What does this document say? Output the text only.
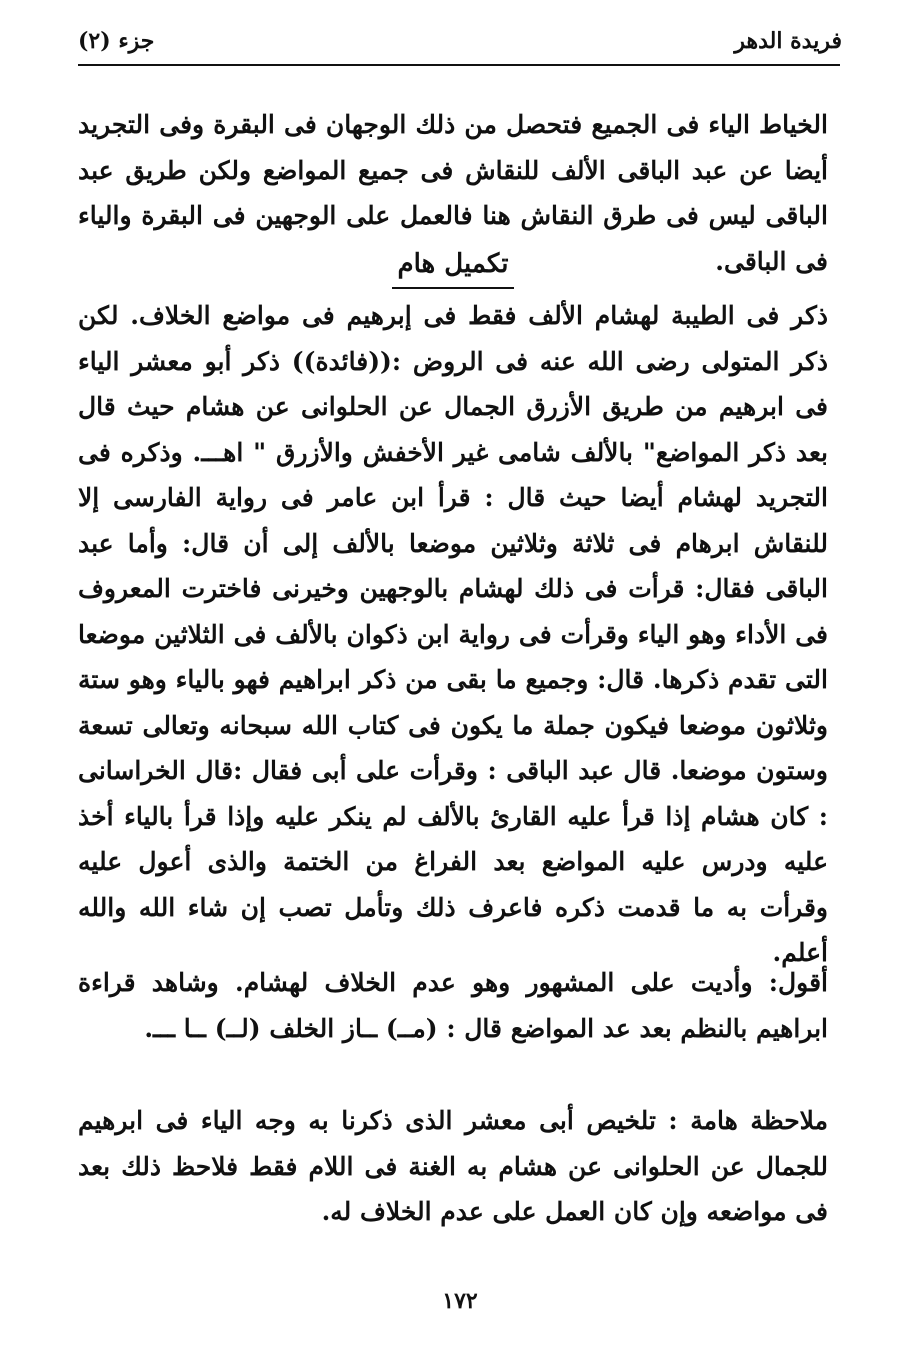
فريدة الدهر
جزء (٢)

الخياط الياء فى الجميع فتحصل من ذلك الوجهان فى البقرة وفى التجريد أيضا عن عبد الباقى الألف للنقاش فى جميع المواضع ولكن طريق عبد الباقى ليس فى طرق النقاش هنا فالعمل على الوجهين فى البقرة والياء فى الباقى.

تكميل هام

ذكر فى الطيبة لهشام الألف فقط فى إبرهيم فى مواضع الخلاف. لكن ذكر المتولى رضى الله عنه فى الروض :((فائدة)) ذكر أبو معشر الياء فى ابرهيم من طريق الأزرق الجمال عن الحلوانى عن هشام حيث قال بعد ذكر المواضع" بالألف شامى غير الأخفش والأزرق " اهـــ. وذكره فى التجريد لهشام أيضا حيث قال : قرأ ابن عامر فى رواية الفارسى إلا للنقاش ابرهام فى ثلاثة وثلاثين موضعا بالألف إلى أن قال: وأما عبد الباقى فقال: قرأت فى ذلك لهشام بالوجهين وخيرنى فاخترت المعروف فى الأداء وهو الياء وقرأت فى رواية ابن ذكوان بالألف فى الثلاثين موضعا التى تقدم ذكرها. قال: وجميع ما بقى من ذكر ابراهيم فهو بالياء وهو ستة وثلاثون موضعا فيكون جملة ما يكون فى كتاب الله سبحانه وتعالى تسعة وستون موضعا. قال عبد الباقى : وقرأت على أبى فقال :قال الخراسانى : كان هشام إذا قرأ عليه القارئ بالألف لم ينكر عليه وإذا قرأ بالياء أخذ عليه ودرس عليه المواضع بعد الفراغ من الختمة والذى أعول عليه وقرأت به ما قدمت ذكره فاعرف ذلك وتأمل تصب إن شاء الله والله أعلم.

أقول: وأديت على المشهور وهو عدم الخلاف لهشام. وشاهد قراءة ابراهيم بالنظم بعد عد المواضع قال : (مــ) ــاز الخلف (لــ) ــا ـــ.

ملاحظة هامة : تلخيص أبى معشر الذى ذكرنا به وجه الياء فى ابرهيم للجمال عن الحلوانى عن هشام به الغنة فى اللام فقط فلاحظ ذلك بعد فى مواضعه وإن كان العمل على عدم الخلاف له.

١٧٢
